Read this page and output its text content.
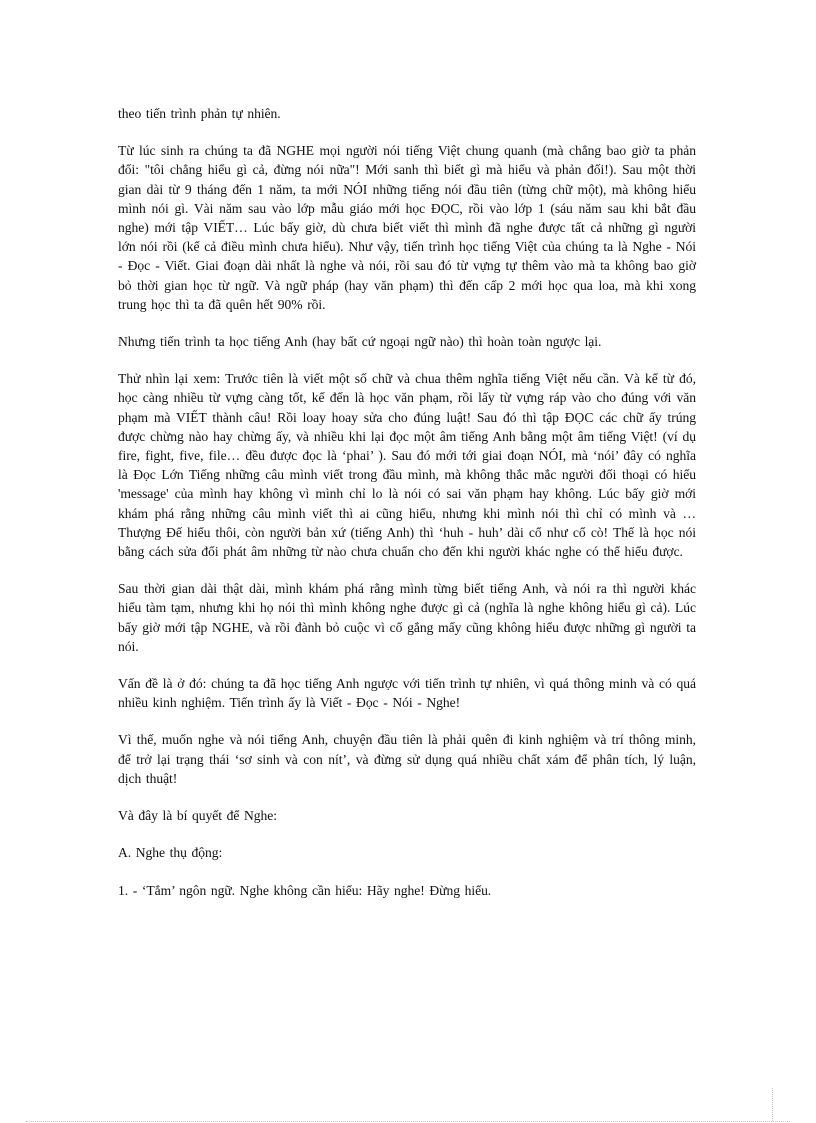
theo tiến trình phản tự nhiên.

Từ lúc sinh ra chúng ta đã NGHE mọi người nói tiếng Việt chung quanh (mà chẳng bao giờ ta phản đối: "tôi chẳng hiểu gì cả, đừng nói nữa"! Mới sanh thì biết gì mà hiểu và phản đối!). Sau một thời gian dài từ 9 tháng đến 1 năm, ta mới NÓI những tiếng nói đầu tiên (từng chữ một), mà không hiểu mình nói gì. Vài năm sau vào lớp mẫu giáo mới học ĐỌC, rồi vào lớp 1 (sáu năm sau khi bắt đầu nghe) mới tập VIẾT… Lúc bấy giờ, dù chưa biết viết thì mình đã nghe được tất cả những gì người lớn nói rồi (kể cả điều mình chưa hiểu). Như vậy, tiến trình học tiếng Việt của chúng ta là Nghe - Nói - Đọc - Viết. Giai đoạn dài nhất là nghe và nói, rồi sau đó từ vựng tự thêm vào mà ta không bao giờ bỏ thời gian học từ ngữ. Và ngữ pháp (hay văn phạm) thì đến cấp 2 mới học qua loa, mà khi xong trung học thì ta đã quên hết 90% rồi.

Nhưng tiến trình ta học tiếng Anh (hay bất cứ ngoại ngữ nào) thì hoàn toàn ngược lại.

Thử nhìn lại xem: Trước tiên là viết một số chữ và chua thêm nghĩa tiếng Việt nếu cần. Và kể từ đó, học càng nhiều từ vựng càng tốt, kế đến là học văn phạm, rồi lấy từ vựng ráp vào cho đúng với văn phạm mà VIẾT thành câu! Rồi loay hoay sửa cho đúng luật! Sau đó thì tập ĐỌC các chữ ấy trúng được chừng nào hay chừng ấy, và nhiều khi lại đọc một âm tiếng Anh bằng một âm tiếng Việt! (ví dụ fire, fight, five, file… đều được đọc là ‘phai’ ). Sau đó mới tới giai đoạn NÓI, mà ‘nói’ đây có nghĩa là Đọc Lớn Tiếng những câu mình viết trong đầu mình, mà không thắc mắc người đối thoại có hiểu 'message' của mình hay không vì mình chỉ lo là nói có sai văn phạm hay không. Lúc bấy giờ mới khám phá rằng những câu mình viết thì ai cũng hiểu, nhưng khi mình nói thì chỉ có mình và … Thượng Đế hiểu thôi, còn người bản xứ (tiếng Anh) thì ‘huh - huh’ dài cổ như cổ cò! Thế là học nói bằng cách sửa đổi phát âm những từ nào chưa chuẩn cho đến khi người khác nghe có thể hiểu được.

Sau thời gian dài thật dài, mình khám phá rằng mình từng biết tiếng Anh, và nói ra thì người khác hiểu tàm tạm, nhưng khi họ nói thì mình không nghe được gì cả (nghĩa là nghe không hiểu gì cả). Lúc bấy giờ mới tập NGHE, và rồi đành bỏ cuộc vì cố gắng mấy cũng không hiểu được những gì người ta nói.

Vấn đề là ở đó: chúng ta đã học tiếng Anh ngược với tiến trình tự nhiên, vì quá thông minh và có quá nhiều kinh nghiệm. Tiến trình ấy là Viết - Đọc - Nói - Nghe!

Vì thế, muốn nghe và nói tiếng Anh, chuyện đầu tiên là phải quên đi kinh nghiệm và trí thông minh, để trở lại trạng thái ‘sơ sinh và con nít’, và đừng sử dụng quá nhiều chất xám để phân tích, lý luận, dịch thuật!

Và đây là bí quyết để Nghe:

A. Nghe thụ động:

1. - ‘Tắm’ ngôn ngữ. Nghe không cần hiểu: Hãy nghe! Đừng hiểu.
